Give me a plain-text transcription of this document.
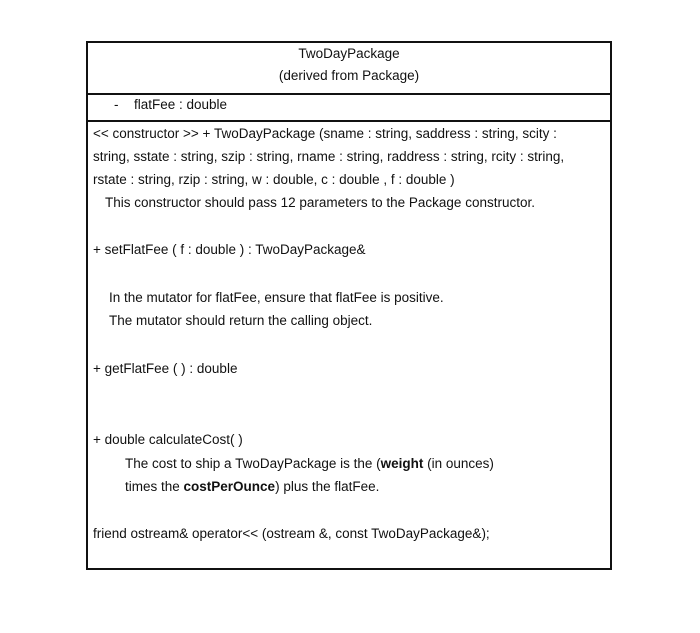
TwoDayPackage
(derived from Package)
- flatFee : double
<< constructor >> + TwoDayPackage (sname : string, saddress : string, scity :
string, sstate : string, szip : string, rname : string, raddress : string, rcity : string,
rstate : string, rzip : string, w : double, c : double , f : double )
This constructor should pass 12 parameters to the Package constructor.
+ setFlatFee ( f : double ) : TwoDayPackage&
In the mutator for flatFee, ensure that flatFee is positive.
The mutator should return the calling object.
+ getFlatFee ( ) : double
+ double calculateCost( )
The cost to ship a TwoDayPackage is the (weight (in ounces)
times the costPerOunce) plus the flatFee.
friend ostream& operator<< (ostream &, const TwoDayPackage&);
